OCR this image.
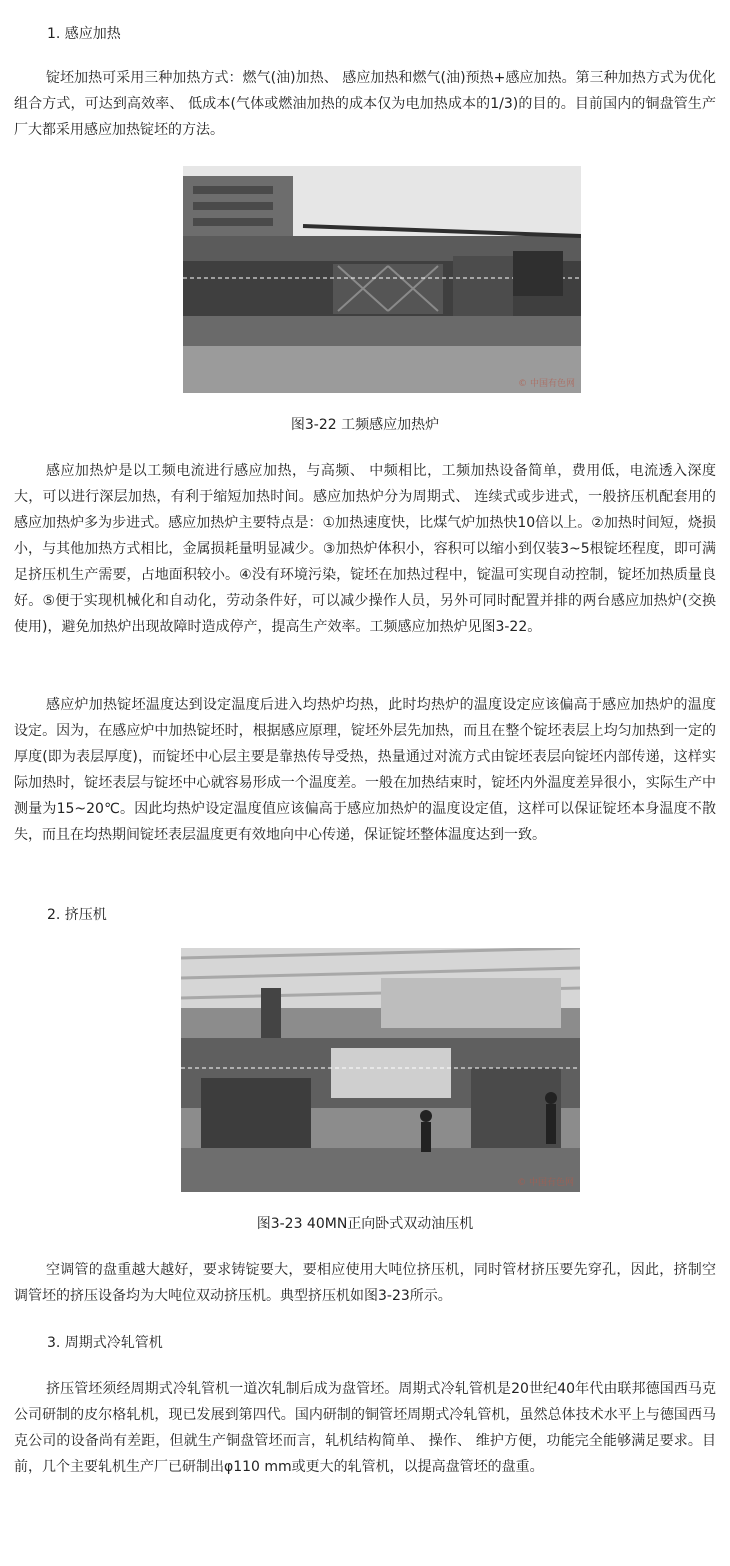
1. 感应加热

锭坯加热可采用三种加热方式：燃气(油)加热、 感应加热和燃气(油)预热+感应加热。第三种加热方式为优化组合方式，可达到高效率、 低成本(气体或燃油加热的成本仅为电加热成本的1/3)的目的。目前国内的铜盘管生产厂大都采用感应加热锭坯的方法。

© 中国有色网
图3-22 工频感应加热炉

感应加热炉是以工频电流进行感应加热，与高频、 中频相比，工频加热设备简单，费用低，电流透入深度大，可以进行深层加热，有利于缩短加热时间。感应加热炉分为周期式、 连续式或步进式，一般挤压机配套用的感应加热炉多为步进式。感应加热炉主要特点是：①加热速度快，比煤气炉加热快10倍以上。②加热时间短，烧损小，与其他加热方式相比，金属损耗量明显减少。③加热炉体积小，容积可以缩小到仅装3~5根锭坯程度，即可满足挤压机生产需要，占地面积较小。④没有环境污染，锭坯在加热过程中，锭温可实现自动控制，锭坯加热质量良好。⑤便于实现机械化和自动化，劳动条件好，可以减少操作人员，另外可同时配置并排的两台感应加热炉(交换使用)，避免加热炉出现故障时造成停产，提高生产效率。工频感应加热炉见图3-22。

感应炉加热锭坯温度达到设定温度后进入均热炉均热，此时均热炉的温度设定应该偏高于感应加热炉的温度设定。因为，在感应炉中加热锭坯时，根据感应原理，锭坯外层先加热，而且在整个锭坯表层上均匀加热到一定的厚度(即为表层厚度)，而锭坯中心层主要是靠热传导受热，热量通过对流方式由锭坯表层向锭坯内部传递，这样实际加热时，锭坯表层与锭坯中心就容易形成一个温度差。一般在加热结束时，锭坯内外温度差异很小，实际生产中测量为15~20℃。因此均热炉设定温度值应该偏高于感应加热炉的温度设定值，这样可以保证锭坯本身温度不散失，而且在均热期间锭坯表层温度更有效地向中心传递，保证锭坯整体温度达到一致。

2. 挤压机
© 中国有色网
图3-23 40MN正向卧式双动油压机

空调管的盘重越大越好，要求铸锭要大，要相应使用大吨位挤压机，同时管材挤压要先穿孔，因此，挤制空调管坯的挤压设备均为大吨位双动挤压机。典型挤压机如图3-23所示。

3. 周期式冷轧管机

挤压管坯须经周期式冷轧管机一道次轧制后成为盘管坯。周期式冷轧管机是20世纪40年代由联邦德国西马克公司研制的皮尔格轧机，现已发展到第四代。国内研制的铜管坯周期式冷轧管机，虽然总体技术水平上与德国西马克公司的设备尚有差距，但就生产铜盘管坯而言，轧机结构简单、 操作、 维护方便，功能完全能够满足要求。目前，几个主要轧机生产厂已研制出φ110 mm或更大的轧管机，以提高盘管坯的盘重。
